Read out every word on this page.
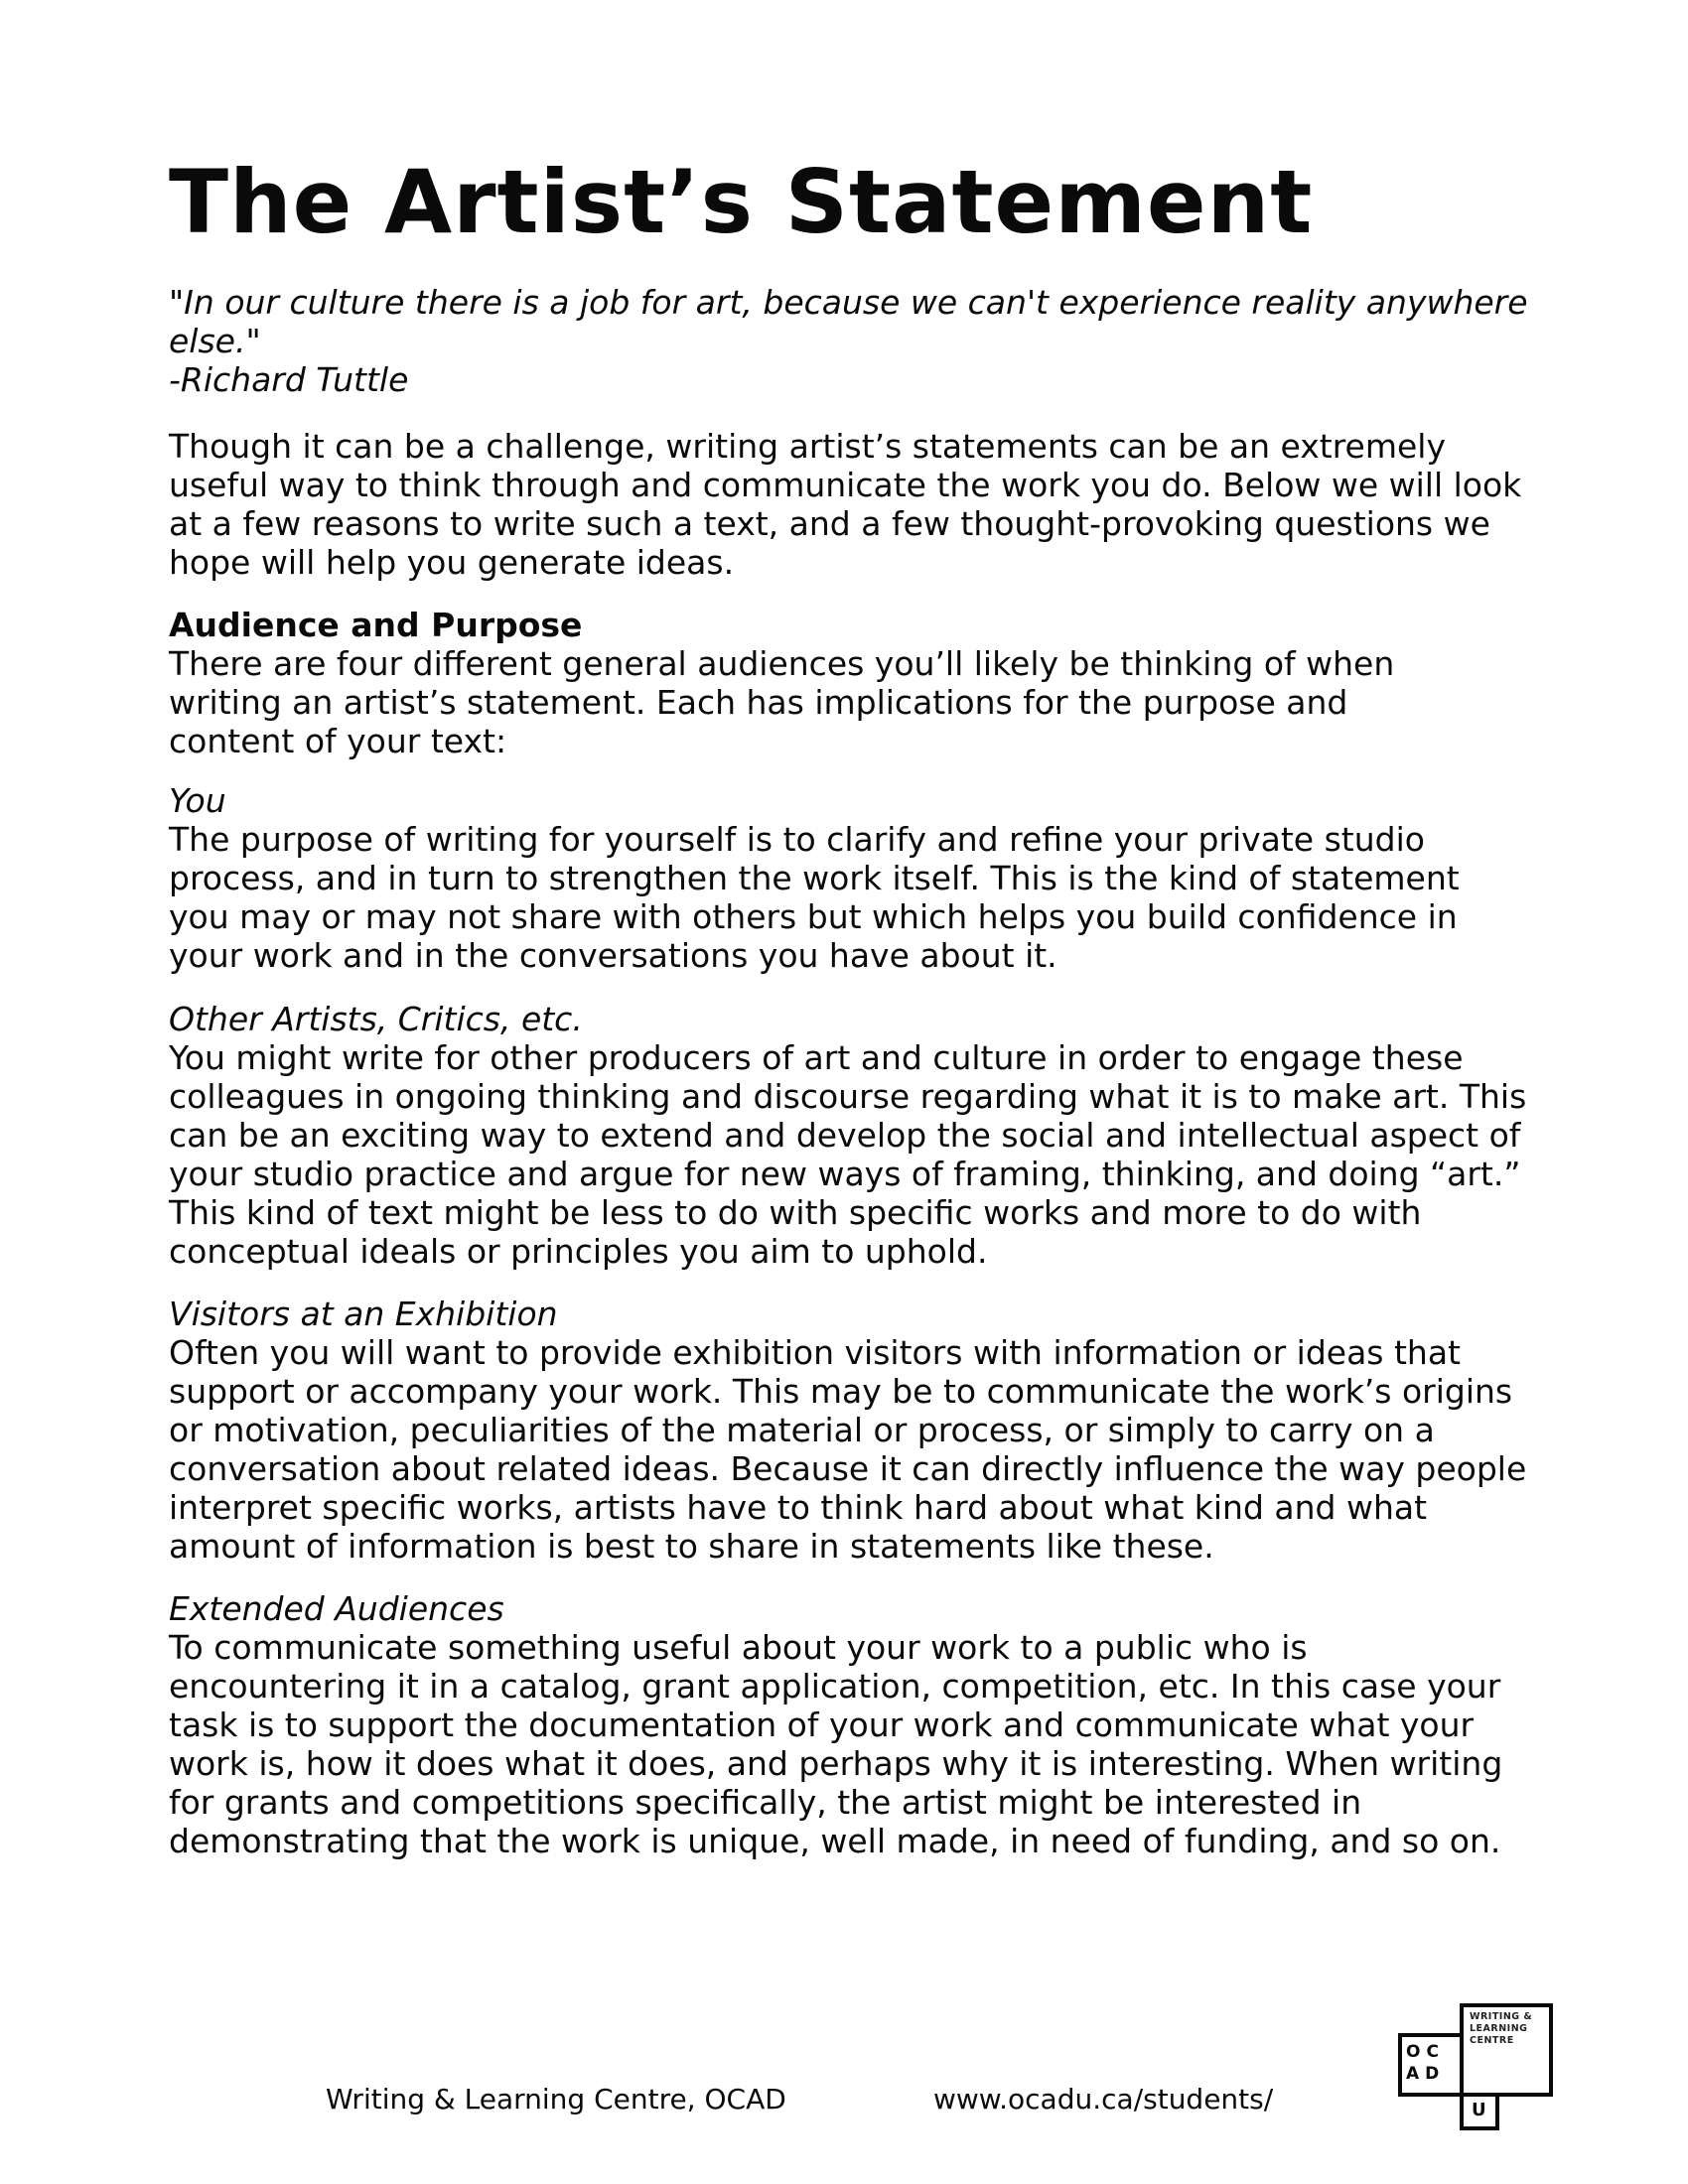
The Artist’s Statement
"In our culture there is a job for art, because we can't experience reality anywhere
else."
-Richard Tuttle
Though it can be a challenge, writing artist’s statements can be an extremely
useful way to think through and communicate the work you do. Below we will look
at a few reasons to write such a text, and a few thought-provoking questions we
hope will help you generate ideas.
Audience and Purpose
There are four different general audiences you’ll likely be thinking of when
writing an artist’s statement. Each has implications for the purpose and
content of your text:
You
The purpose of writing for yourself is to clarify and refine your private studio
process, and in turn to strengthen the work itself. This is the kind of statement
you may or may not share with others but which helps you build confidence in
your work and in the conversations you have about it.
Other Artists, Critics, etc.
You might write for other producers of art and culture in order to engage these
colleagues in ongoing thinking and discourse regarding what it is to make art. This
can be an exciting way to extend and develop the social and intellectual aspect of
your studio practice and argue for new ways of framing, thinking, and doing “art.”
This kind of text might be less to do with specific works and more to do with
conceptual ideals or principles you aim to uphold.
Visitors at an Exhibition
Often you will want to provide exhibition visitors with information or ideas that
support or accompany your work. This may be to communicate the work’s origins
or motivation, peculiarities of the material or process, or simply to carry on a
conversation about related ideas. Because it can directly influence the way people
interpret specific works, artists have to think hard about what kind and what
amount of information is best to share in statements like these.
Extended Audiences
To communicate something useful about your work to a public who is
encountering it in a catalog, grant application, competition, etc. In this case your
task is to support the documentation of your work and communicate what your
work is, how it does what it does, and perhaps why it is interesting. When writing
for grants and competitions specifically, the artist might be interested in
demonstrating that the work is unique, well made, in need of funding, and so on.
Writing & Learning Centre, OCAD	www.ocadu.ca/students/
OC
AD
WRITING &
LEARNING
CENTRE
U
